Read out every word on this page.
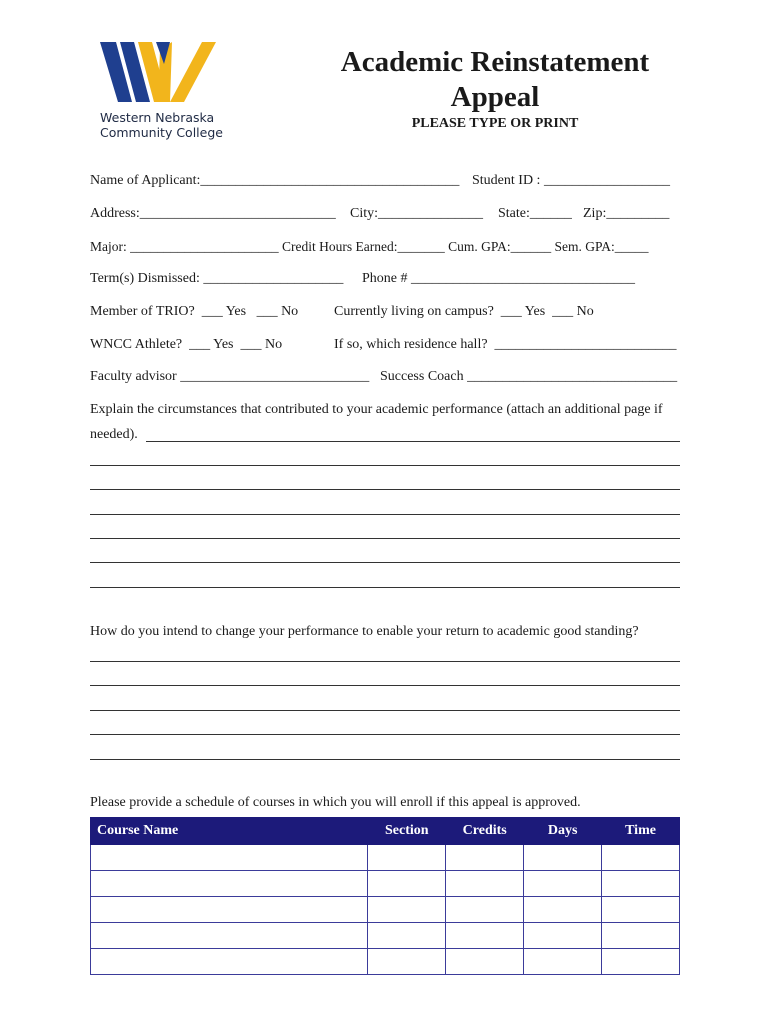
Western Nebraska
Community College
Academic Reinstatement
Appeal
PLEASE TYPE OR PRINT
Name of Applicant:_____________________________________ Student ID : __________________
Address:____________________________ City:_______________ State:______ Zip:_________
Major: ______________________ Credit Hours Earned:_______ Cum. GPA:______ Sem. GPA:_____
Term(s) Dismissed: ____________________ Phone # ________________________________
Member of TRIO?  ___ Yes   ___ No	Currently living on campus?  ___ Yes  ___ No
WNCC Athlete?  ___ Yes  ___ No	If so, which residence hall?  __________________________
Faculty advisor ___________________________ Success Coach ______________________________
Explain the circumstances that contributed to your academic performance (attach an additional page if
needed).
How do you intend to change your performance to enable your return to academic good standing?
Please provide a schedule of courses in which you will enroll if this appeal is approved.
Course Name	Section	Credits	Days	Time
